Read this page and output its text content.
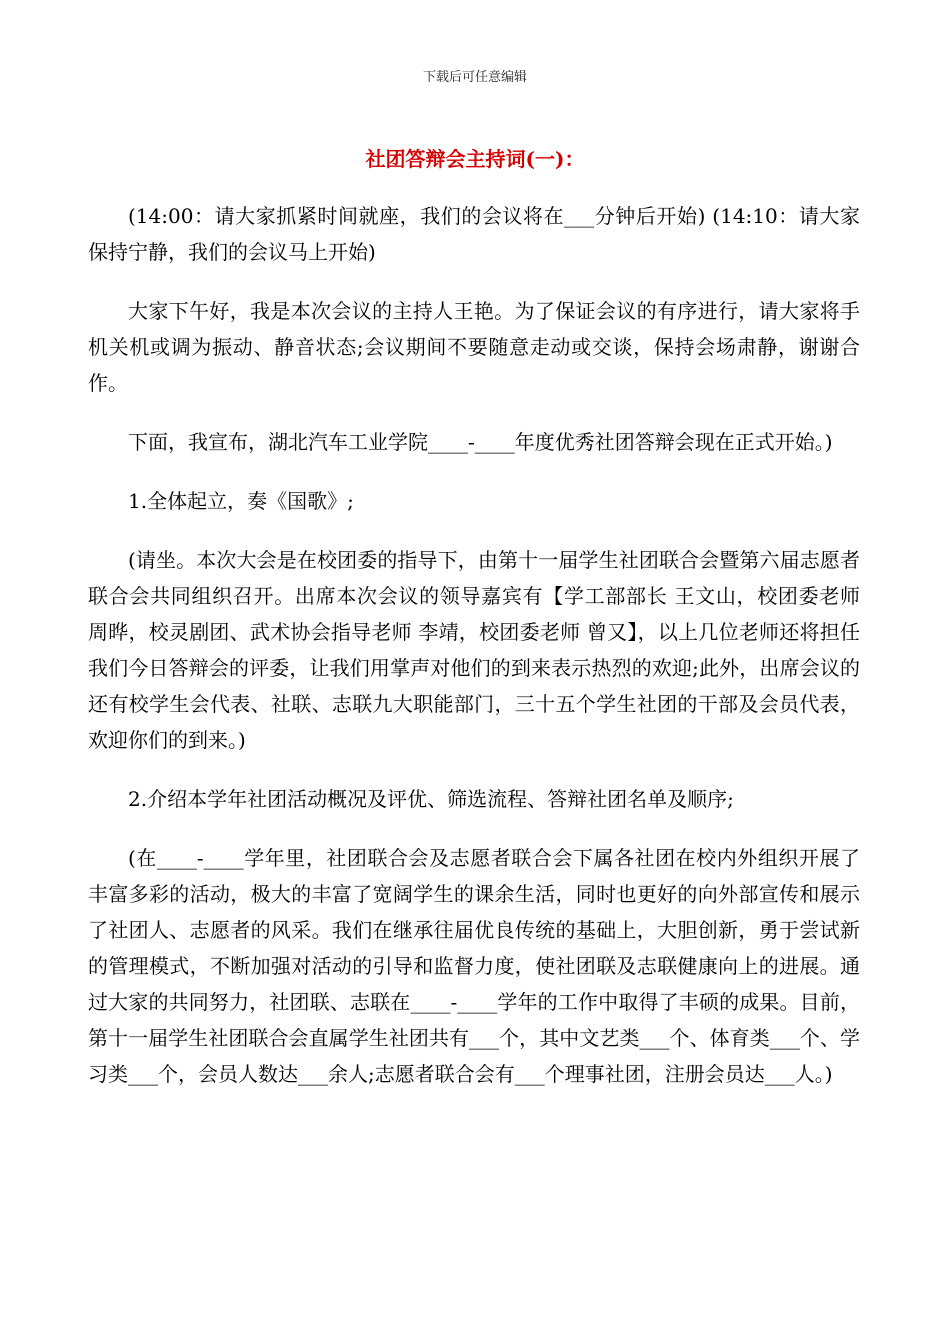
下载后可任意编辑
社团答辩会主持词(一)：

(14:00：请大家抓紧时间就座，我们的会议将在___分钟后开始) (14:10：请大家保持宁静，我们的会议马上开始)

大家下午好，我是本次会议的主持人王艳。为了保证会议的有序进行，请大家将手机关机或调为振动、静音状态;会议期间不要随意走动或交谈，保持会场肃静，谢谢合作。

下面，我宣布，湖北汽车工业学院____-____年度优秀社团答辩会现在正式开始。)

1.全体起立，奏《国歌》;

(请坐。本次大会是在校团委的指导下，由第十一届学生社团联合会暨第六届志愿者联合会共同组织召开。出席本次会议的领导嘉宾有【学工部部长 王文山，校团委老师 周晔，校灵剧团、武术协会指导老师 李靖，校团委老师 曾又】，以上几位老师还将担任我们今日答辩会的评委，让我们用掌声对他们的到来表示热烈的欢迎;此外，出席会议的还有校学生会代表、社联、志联九大职能部门，三十五个学生社团的干部及会员代表，欢迎你们的到来。)

2.介绍本学年社团活动概况及评优、筛选流程、答辩社团名单及顺序;

(在____-____学年里，社团联合会及志愿者联合会下属各社团在校内外组织开展了丰富多彩的活动，极大的丰富了宽阔学生的课余生活，同时也更好的向外部宣传和展示了社团人、志愿者的风采。我们在继承往届优良传统的基础上，大胆创新，勇于尝试新的管理模式，不断加强对活动的引导和监督力度，使社团联及志联健康向上的进展。通过大家的共同努力，社团联、志联在____-____学年的工作中取得了丰硕的成果。目前，第十一届学生社团联合会直属学生社团共有___个，其中文艺类___个、体育类___个、学习类___个，会员人数达___余人;志愿者联合会有___个理事社团，注册会员达___人。)
